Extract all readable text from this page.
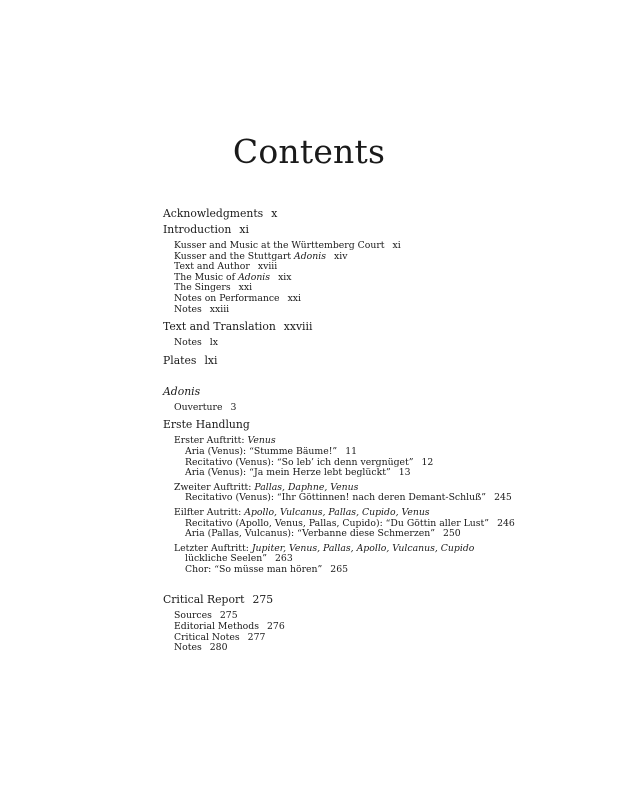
Contents
Acknowledgments x
Introduction xi
Kusser and Music at the Württemberg Court xi
Kusser and the Stuttgart Adonis xiv
Text and Author xviii
The Music of Adonis xix
The Singers xxi
Notes on Performance xxi
Notes xxiii
Text and Translation xxviii
Notes lx
Plates lxi
Adonis
Ouverture 3
Erste Handlung
Erster Auftritt: Venus
Aria (Venus): “Stumme Bäume!” 11
Recitativo (Venus): “So leb’ ich denn vergnüget” 12
Aria (Venus): “Ja mein Herze lebt beglückt” 13
Zweiter Auftritt: Pallas, Daphne, Venus
Recitativo (Venus): “Ihr Göttinnen! nach deren Demant-Schluß” 245
Eilfter Autritt: Apollo, Vulcanus, Pallas, Cupido, Venus
Recitativo (Apollo, Venus, Pallas, Cupido): “Du Göttin aller Lust” 246
Aria (Pallas, Vulcanus): “Verbanne diese Schmerzen” 250
Letzter Auftritt: Jupiter, Venus, Pallas, Apollo, Vulcanus, Cupido
lückliche Seelen” 263
Chor: “So müsse man hören” 265
Critical Report 275
Sources 275
Editorial Methods 276
Critical Notes 277
Notes 280
